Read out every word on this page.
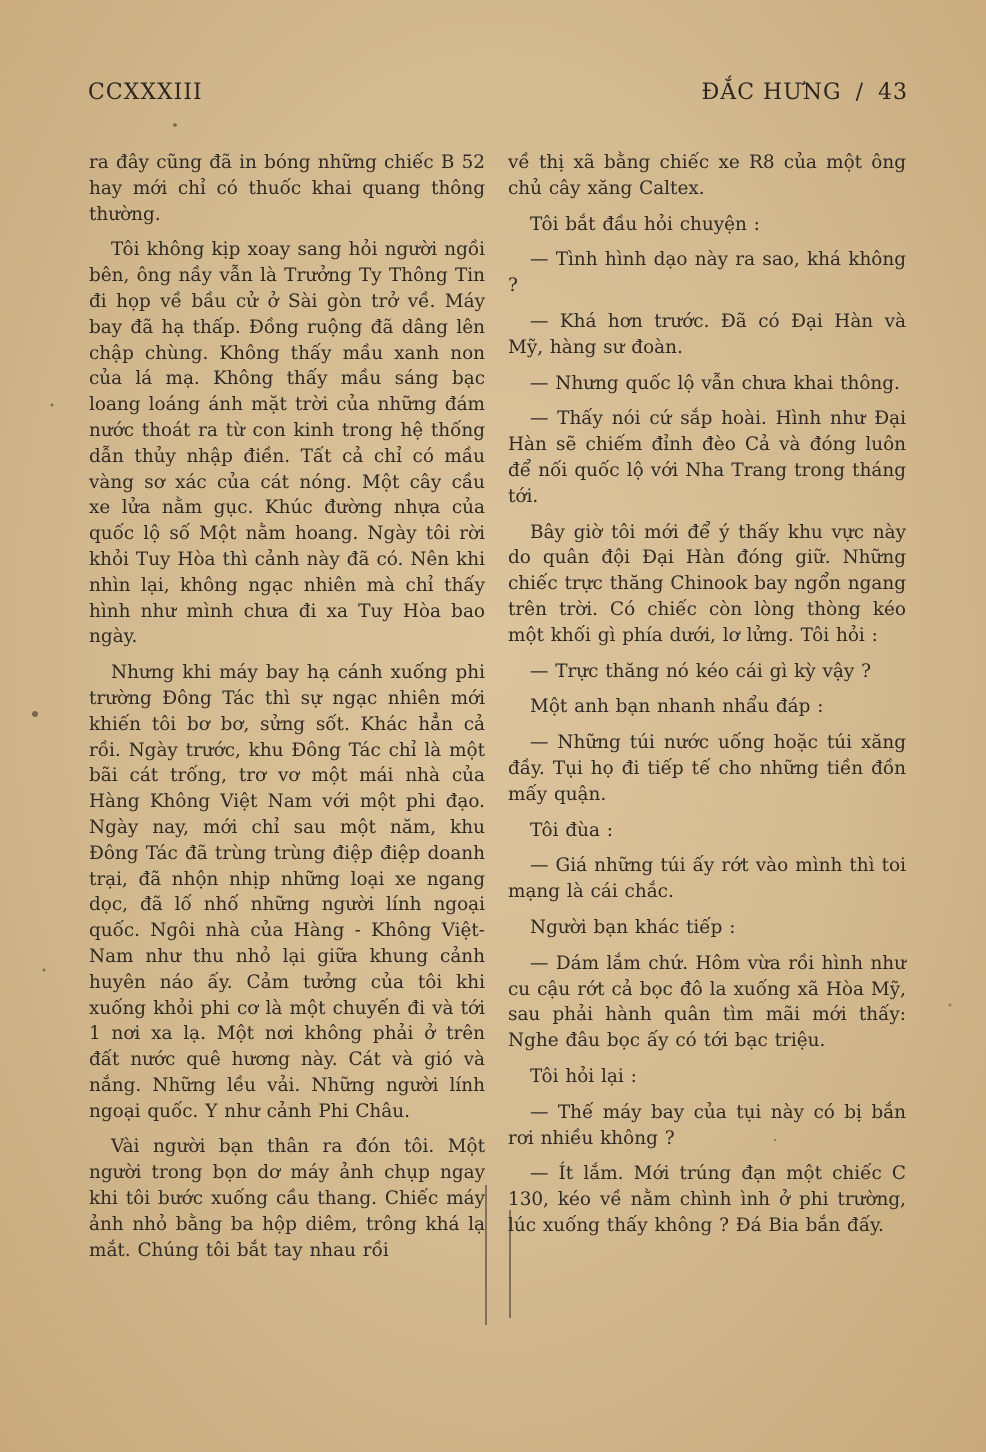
CCXXXIII	ĐẮC HƯNG / 43

ra đây cũng đã in bóng những chiếc B 52 hay mới chỉ có thuốc khai quang thông thường.

Tôi không kịp xoay sang hỏi người ngồi bên, ông nầy vẫn là Trưởng Ty Thông Tin đi họp về bầu cử ở Sài gòn trở về. Máy bay đã hạ thấp. Đồng ruộng đã dâng lên chập chùng. Không thấy mầu xanh non của lá mạ. Không thấy mầu sáng bạc loang loáng ánh mặt trời của những đám nước thoát ra từ con kinh trong hệ thống dẫn thủy nhập điền. Tất cả chỉ có mầu vàng sơ xác của cát nóng. Một cây cầu xe lửa nằm gục. Khúc đường nhựa của quốc lộ số Một nằm hoang. Ngày tôi rời khỏi Tuy Hòa thì cảnh này đã có. Nên khi nhìn lại, không ngạc nhiên mà chỉ thấy hình như mình chưa đi xa Tuy Hòa bao ngày.

Nhưng khi máy bay hạ cánh xuống phi trường Đông Tác thì sự ngạc nhiên mới khiến tôi bơ bơ, sửng sốt. Khác hẳn cả rồi. Ngày trước, khu Đông Tác chỉ là một bãi cát trống, trơ vơ một mái nhà của Hàng Không Việt Nam với một phi đạo. Ngày nay, mới chỉ sau một năm, khu Đông Tác đã trùng trùng điệp điệp doanh trại, đã nhộn nhịp những loại xe ngang dọc, đã lố nhố những người lính ngoại quốc. Ngôi nhà của Hàng - Không Việt-Nam như thu nhỏ lại giữa khung cảnh huyên náo ấy. Cảm tưởng của tôi khi xuống khỏi phi cơ là một chuyến đi và tới 1 nơi xa lạ. Một nơi không phải ở trên đất nước quê hương này. Cát và gió và nắng. Những lều vải. Những người lính ngoại quốc. Y như cảnh Phi Châu.

Vài người bạn thân ra đón tôi. Một người trong bọn dơ máy ảnh chụp ngay khi tôi bước xuống cầu thang. Chiếc máy ảnh nhỏ bằng ba hộp diêm, trông khá lạ mắt. Chúng tôi bắt tay nhau rồi

về thị xã bằng chiếc xe R8 của một ông chủ cây xăng Caltex.

Tôi bắt đầu hỏi chuyện :

— Tình hình dạo này ra sao, khá không ?

— Khá hơn trước. Đã có Đại Hàn và Mỹ, hàng sư đoàn.

— Nhưng quốc lộ vẫn chưa khai thông.

— Thấy nói cứ sắp hoài. Hình như Đại Hàn sẽ chiếm đỉnh đèo Cả và đóng luôn để nối quốc lộ với Nha Trang trong tháng tới.

Bây giờ tôi mới để ý thấy khu vực này do quân đội Đại Hàn đóng giữ. Những chiếc trực thăng Chinook bay ngổn ngang trên trời. Có chiếc còn lòng thòng kéo một khối gì phía dưới, lơ lửng. Tôi hỏi :

— Trực thăng nó kéo cái gì kỳ vậy ?

Một anh bạn nhanh nhẩu đáp :

— Những túi nước uống hoặc túi xăng đầy. Tụi họ đi tiếp tế cho những tiền đồn mấy quận.

Tôi đùa :

— Giá những túi ấy rớt vào mình thì toi mạng là cái chắc.

Người bạn khác tiếp :

— Dám lắm chứ. Hôm vừa rồi hình như cu cậu rớt cả bọc đô la xuống xã Hòa Mỹ, sau phải hành quân tìm mãi mới thấy: Nghe đâu bọc ấy có tới bạc triệu.

Tôi hỏi lại :

— Thế máy bay của tụi này có bị bắn rơi nhiều không ?

— Ít lắm. Mới trúng đạn một chiếc C 130, kéo về nằm chình ình ở phi trường, lúc xuống thấy không ? Đá Bia bắn đấy.
